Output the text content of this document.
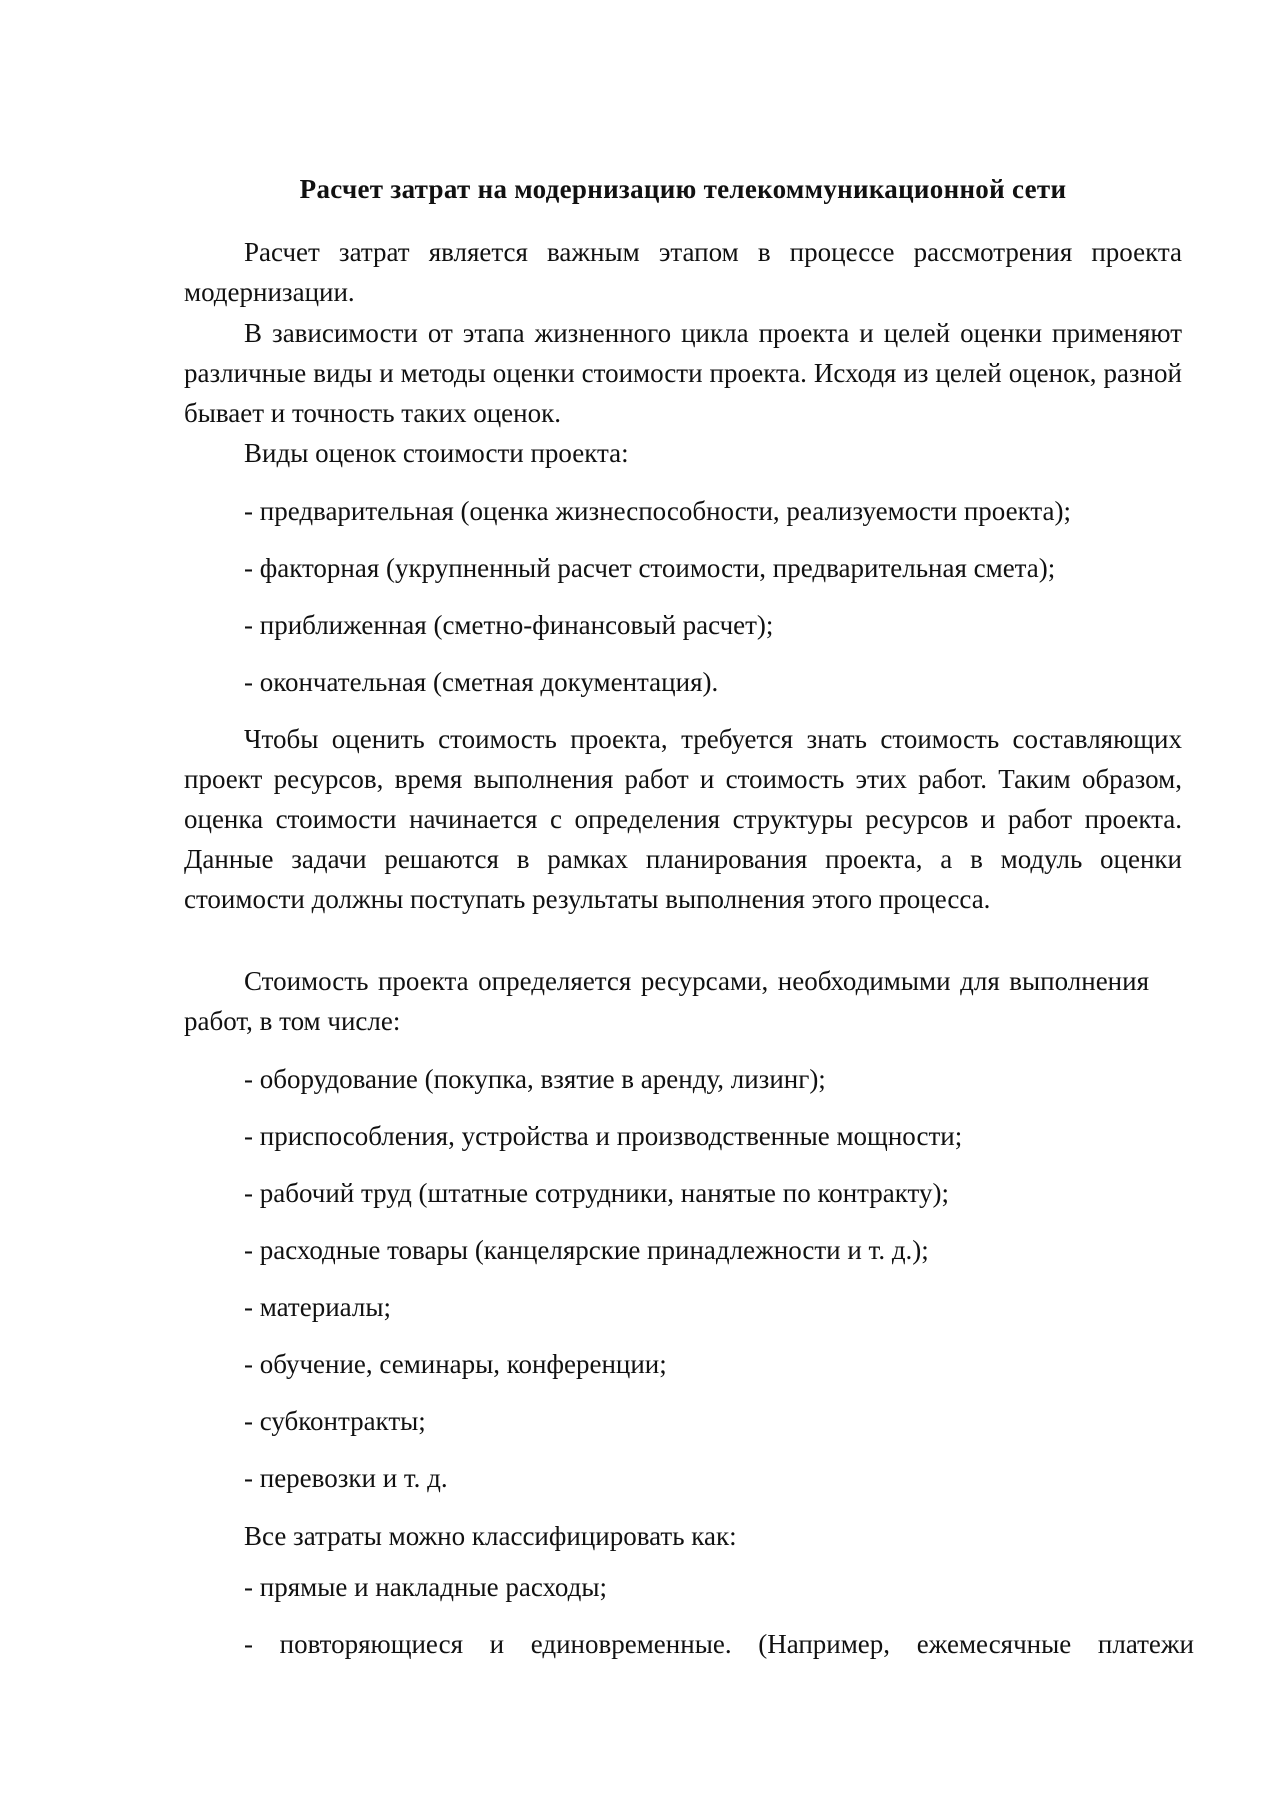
Расчет затрат на модернизацию телекоммуникационной сети

Расчет затрат является важным этапом в процессе рассмотрения проекта модернизации.

В зависимости от этапа жизненного цикла проекта и целей оценки применяют различные виды и методы оценки стоимости проекта. Исходя из целей оценок, разной бывает и точность таких оценок.

Виды оценок стоимости проекта:

- предварительная (оценка жизнеспособности, реализуемости проекта);

- факторная (укрупненный расчет стоимости, предварительная смета);

- приближенная (сметно-финансовый расчет);

- окончательная (сметная документация).

Чтобы оценить стоимость проекта, требуется знать стоимость составляющих проект ресурсов, время выполнения работ и стоимость этих работ. Таким образом, оценка стоимости начинается с определения структуры ресурсов и работ проекта. Данные задачи решаются в рамках планирования проекта, а в модуль оценки стоимости должны поступать результаты выполнения этого процесса.

Стоимость проекта определяется ресурсами, необходимыми для выполнения работ, в том числе:

- оборудование (покупка, взятие в аренду, лизинг);

- приспособления, устройства и производственные мощности;

- рабочий труд (штатные сотрудники, нанятые по контракту);

- расходные товары (канцелярские принадлежности и т. д.);

- материалы;

- обучение, семинары, конференции;

- субконтракты;

- перевозки и т. д.

Все затраты можно классифицировать как:

- прямые и накладные расходы;

- повторяющиеся и единовременные. (Например, ежемесячные платежи
